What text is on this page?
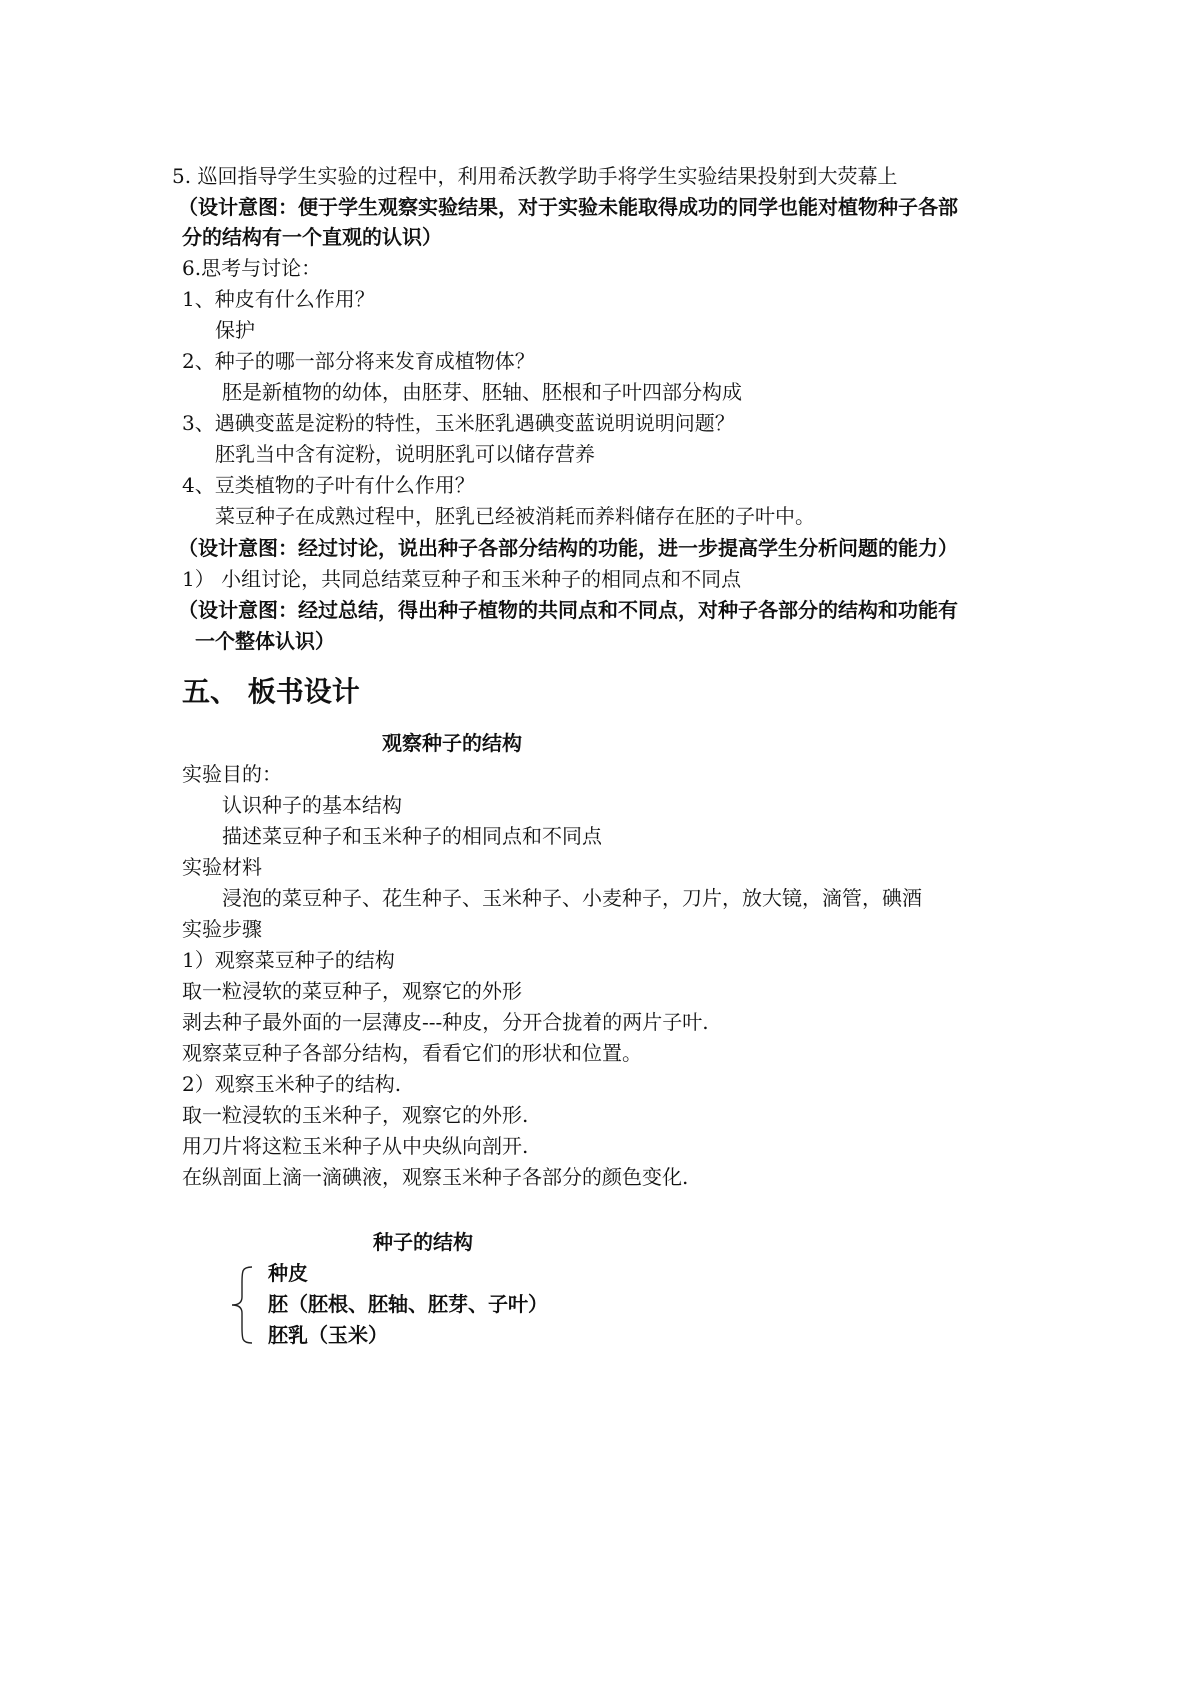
5. 巡回指导学生实验的过程中，利用希沃教学助手将学生实验结果投射到大荧幕上
（设计意图：便于学生观察实验结果，对于实验未能取得成功的同学也能对植物种子各部
分的结构有一个直观的认识）
6.思考与讨论：
1、种皮有什么作用？
保护
2、种子的哪一部分将来发育成植物体？
胚是新植物的幼体，由胚芽、胚轴、胚根和子叶四部分构成
3、遇碘变蓝是淀粉的特性，玉米胚乳遇碘变蓝说明说明问题？
胚乳当中含有淀粉，说明胚乳可以储存营养
4、豆类植物的子叶有什么作用？
菜豆种子在成熟过程中，胚乳已经被消耗而养料储存在胚的子叶中。
（设计意图：经过讨论，说出种子各部分结构的功能，进一步提高学生分析问题的能力）
1） 小组讨论，共同总结菜豆种子和玉米种子的相同点和不同点
（设计意图：经过总结，得出种子植物的共同点和不同点，对种子各部分的结构和功能有
一个整体认识）
五、 板书设计
观察种子的结构
实验目的：
认识种子的基本结构
描述菜豆种子和玉米种子的相同点和不同点
实验材料
浸泡的菜豆种子、花生种子、玉米种子、小麦种子，刀片，放大镜，滴管，碘酒
实验步骤
1）观察菜豆种子的结构
取一粒浸软的菜豆种子，观察它的外形
剥去种子最外面的一层薄皮---种皮，分开合拢着的两片子叶.
观察菜豆种子各部分结构，看看它们的形状和位置。
2）观察玉米种子的结构.
取一粒浸软的玉米种子，观察它的外形.
用刀片将这粒玉米种子从中央纵向剖开.
在纵剖面上滴一滴碘液，观察玉米种子各部分的颜色变化.
种子的结构
种皮
胚（胚根、胚轴、胚芽、子叶）
胚乳（玉米）
